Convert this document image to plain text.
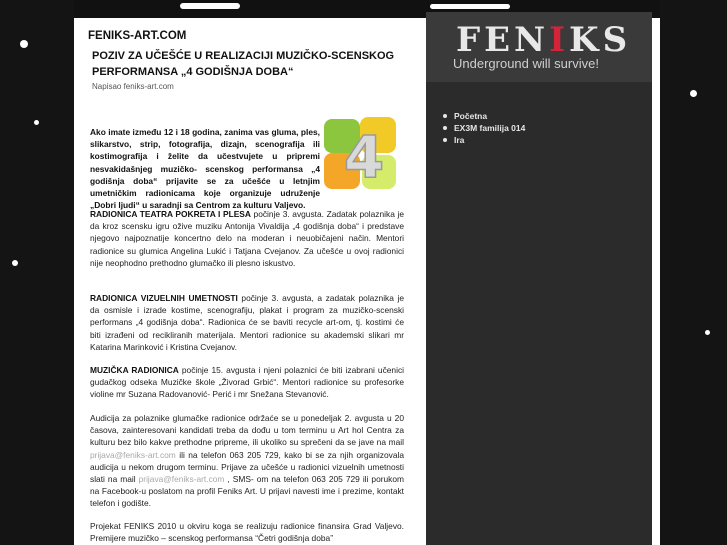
FENIKS-ART.COM
POZIV ZA UČEŠĆE U REALIZACIJI MUZIČKO-SCENSKOG PERFORMANSA „4 GODIŠNJA DOBA“
Napisao feniks-art.com
Ako imate između 12 i 18 godina, zanima vas gluma, ples, slikarstvo, strip, fotografija, dizajn, scenografija ili kostimografija i želite da učestvujete u pripremi nesvakidašnjeg muzičko- scenskog performansa „4 godišnja doba“ prijavite se za učešće u letnjim umetničkim radionicama koje organizuje udruženje „Dobri ljudi“ u saradnji sa Centrom za kulturu Valjevo.
4
RADIONICA TEATRA POKRETA I PLESA počinje 3. avgusta. Zadatak polaznika je da kroz scensku igru ožive muziku Antonija Vivaldija „4 godišnja doba“ i predstave njegovo najpoznatije koncertno delo na moderan i neuobičajeni način. Mentori radionice su glumica Angelina Lukić i Tatjana Cvejanov. Za učešće u ovoj radionici nije neophodno prethodno glumačko ili plesno iskustvo.
RADIONICA VIZUELNIH UMETNOSTI počinje 3. avgusta, a zadatak polaznika je da osmisle i izrade kostime, scenografiju, plakat i program za muzičko-scenski performans „4 godišnja doba“. Radionica će se baviti recycle art-om, tj. kostimi će biti izrađeni od recikliranih materijala. Mentori radionice su akademski slikari mr Katarina Marinković i Kristina Cvejanov.
MUZIČKA RADIONICA počinje 15. avgusta i njeni polaznici će biti izabrani učenici gudačkog odseka Muzičke škole „Živorad Grbić“. Mentori radionice su profesorke violine mr Suzana Radovanović- Perić i mr Snežana Stevanović.
Audicija za polaznike glumačke radionice održaće se u ponedeljak 2. avgusta u 20 časova, zainteresovani kandidati treba da dođu u tom terminu u Art hol Centra za kulturu bez bilo kakve prethodne pripreme, ili ukoliko su sprečeni da se jave na mail prijava@feniks-art.com ili na telefon 063 205 729, kako bi se za njih organizovala audicija u nekom drugom terminu. Prijave za učešće u radionici vizuelnih umetnosti slati na mail prijava@feniks-art.com , SMS- om na telefon 063 205 729 ili porukom na Facebook-u poslatom na profil Feniks Art. U prijavi navesti ime i prezime, kontakt telefon i godište.
Projekat FENIKS 2010 u okviru koga se realizuju radionice finansira Grad Valjevo. Premijere muzičko – scenskog performansa “Četri godišnja doba”
FENIKS
Underground will survive!
Početna
EX3M familija 014
Ira
